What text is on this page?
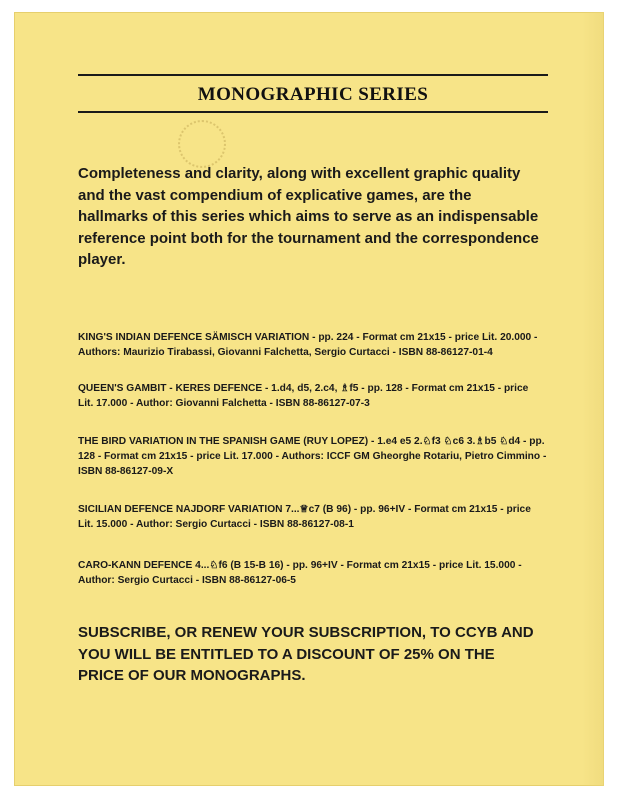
MONOGRAPHIC SERIES
Completeness and clarity, along with excellent graphic quality
and the vast compendium of explicative games, are the
hallmarks of this series which aims to serve as an indispensable
reference point both for the tournament and the correspondence
player.
KING'S INDIAN DEFENCE SÄMISCH VARIATION - pp. 224 - Format cm 21x15 - price Lit. 20.000 -
Authors: Maurizio Tirabassi, Giovanni Falchetta, Sergio Curtacci - ISBN 88-86127-01-4
QUEEN'S GAMBIT - KERES DEFENCE - 1.d4, d5, 2.c4, ♗f5 - pp. 128 - Format cm 21x15 - price
Lit. 17.000 - Author: Giovanni Falchetta - ISBN 88-86127-07-3
THE BIRD VARIATION IN THE SPANISH GAME (RUY LOPEZ) - 1.e4 e5 2.♘f3 ♘c6 3.♗b5 ♘d4 - pp.
128 - Format cm 21x15 - price Lit. 17.000 - Authors: ICCF GM Gheorghe Rotariu, Pietro Cimmino -
ISBN 88-86127-09-X
SICILIAN DEFENCE NAJDORF VARIATION 7...♕c7 (B 96) - pp. 96+IV - Format cm 21x15 - price
Lit. 15.000 - Author: Sergio Curtacci - ISBN 88-86127-08-1
CARO-KANN DEFENCE 4...♘f6 (B 15-B 16) - pp. 96+IV - Format cm 21x15 - price Lit. 15.000 -
Author: Sergio Curtacci - ISBN 88-86127-06-5
SUBSCRIBE, OR RENEW YOUR SUBSCRIPTION, TO CCYB AND
YOU WILL BE ENTITLED TO A DISCOUNT OF 25% ON THE
PRICE OF OUR MONOGRAPHS.
